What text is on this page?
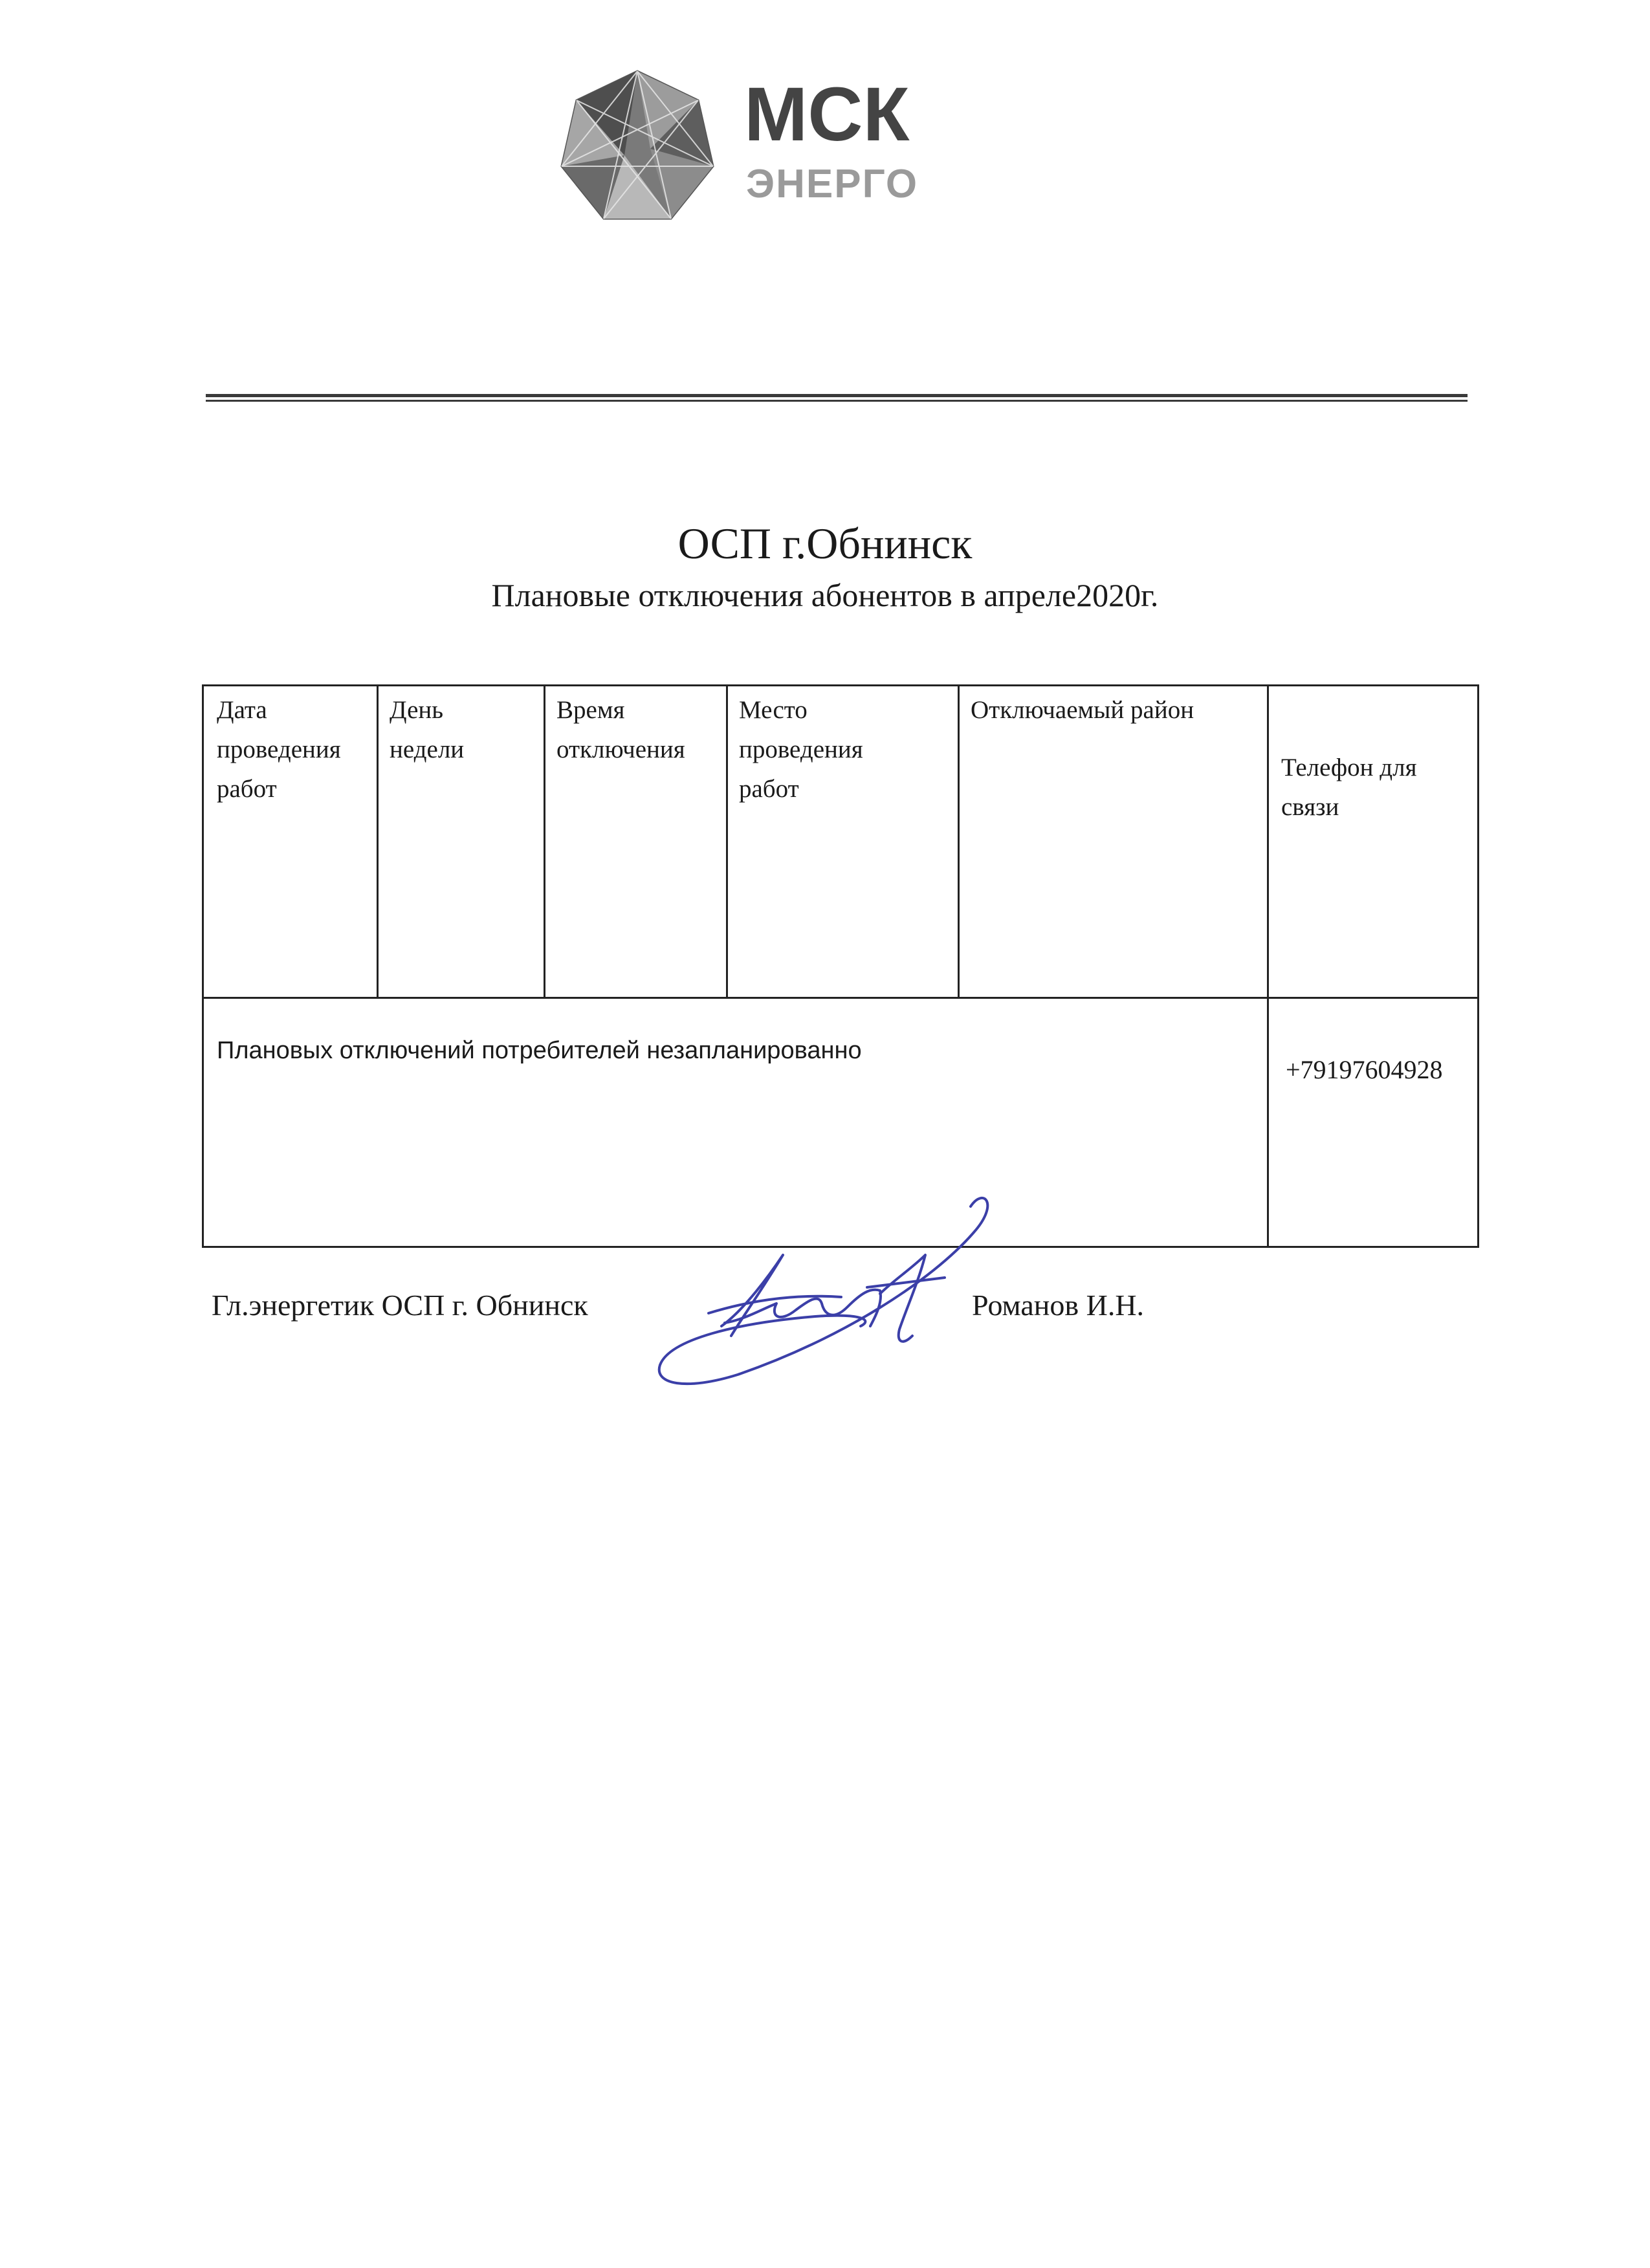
МСК
ЭНЕРГО
ОСП г.Обнинск
Плановые отключения абонентов в апреле2020г.
Дата
проведения
работ
День
недели
Время
отключения
Место
проведения
работ
Отключаемый район
Телефон для
связи
Плановых отключений потребителей незапланированно
+79197604928
Гл.энергетик ОСП г. Обнинск	Романов И.Н.
